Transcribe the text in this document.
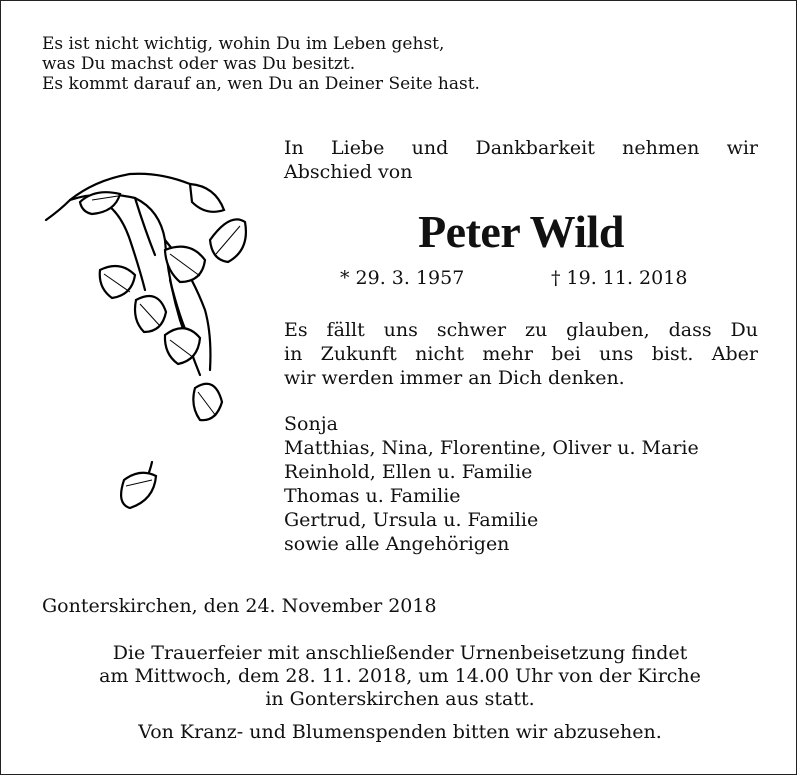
Es ist nicht wichtig, wohin Du im Leben gehst,
was Du machst oder was Du besitzt.
Es kommt darauf an, wen Du an Deiner Seite hast.
In Liebe und Dankbarkeit nehmen wir
Abschied von
Peter Wild
* 29. 3. 1957	† 19. 11. 2018
Es fällt uns schwer zu glauben, dass Du
in Zukunft nicht mehr bei uns bist. Aber
wir werden immer an Dich denken.
Sonja
Matthias, Nina, Florentine, Oliver u. Marie
Reinhold, Ellen u. Familie
Thomas u. Familie
Gertrud, Ursula u. Familie
sowie alle Angehörigen
Gonterskirchen, den 24. November 2018
Die Trauerfeier mit anschließender Urnenbeisetzung findet
am Mittwoch, dem 28. 11. 2018, um 14.00 Uhr von der Kirche
in Gonterskirchen aus statt.
Von Kranz- und Blumenspenden bitten wir abzusehen.
